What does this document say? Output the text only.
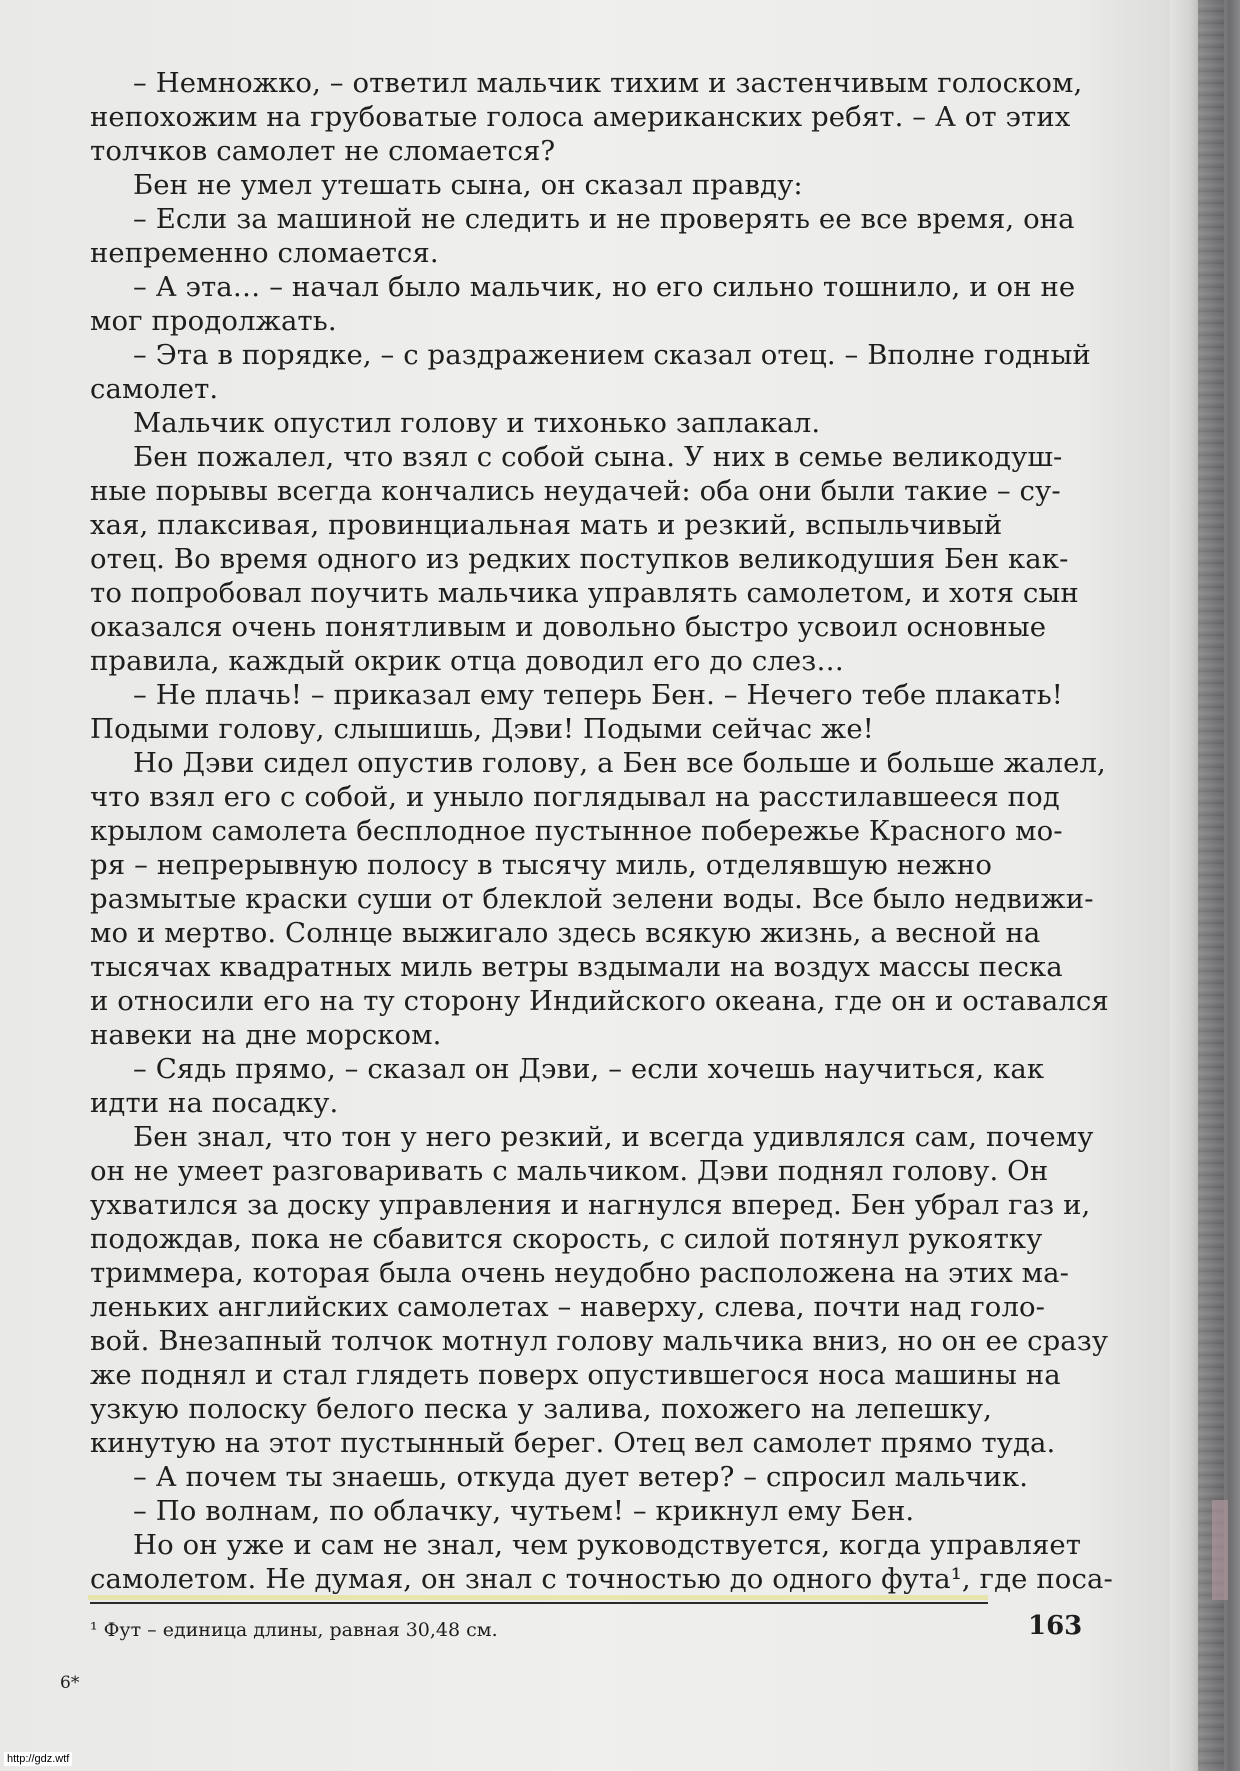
– Немножко, – ответил мальчик тихим и застенчивым голоском,
непохожим на грубоватые голоса американских ребят. – А от этих
толчков самолет не сломается?
Бен не умел утешать сына, он сказал правду:
– Если за машиной не следить и не проверять ее все время, она
непременно сломается.
– А эта… – начал было мальчик, но его сильно тошнило, и он не
мог продолжать.
– Эта в порядке, – с раздражением сказал отец. – Вполне годный
самолет.
Мальчик опустил голову и тихонько заплакал.
Бен пожалел, что взял с собой сына. У них в семье великодуш-
ные порывы всегда кончались неудачей: оба они были такие – су-
хая, плаксивая, провинциальная мать и резкий, вспыльчивый
отец. Во время одного из редких поступков великодушия Бен как-
то попробовал поучить мальчика управлять самолетом, и хотя сын
оказался очень понятливым и довольно быстро усвоил основные
правила, каждый окрик отца доводил его до слез…
– Не плачь! – приказал ему теперь Бен. – Нечего тебе плакать!
Подыми голову, слышишь, Дэви! Подыми сейчас же!
Но Дэви сидел опустив голову, а Бен все больше и больше жалел,
что взял его с собой, и уныло поглядывал на расстилавшееся под
крылом самолета бесплодное пустынное побережье Красного мо-
ря – непрерывную полосу в тысячу миль, отделявшую нежно
размытые краски суши от блеклой зелени воды. Все было недвижи-
мо и мертво. Солнце выжигало здесь всякую жизнь, а весной на
тысячах квадратных миль ветры вздымали на воздух массы песка
и относили его на ту сторону Индийского океана, где он и оставался
навеки на дне морском.
– Сядь прямо, – сказал он Дэви, – если хочешь научиться, как
идти на посадку.
Бен знал, что тон у него резкий, и всегда удивлялся сам, почему
он не умеет разговаривать с мальчиком. Дэви поднял голову. Он
ухватился за доску управления и нагнулся вперед. Бен убрал газ и,
подождав, пока не сбавится скорость, с силой потянул рукоятку
триммера, которая была очень неудобно расположена на этих ма-
леньких английских самолетах – наверху, слева, почти над голо-
вой. Внезапный толчок мотнул голову мальчика вниз, но он ее сразу
же поднял и стал глядеть поверх опустившегося носа машины на
узкую полоску белого песка у залива, похожего на лепешку,
кинутую на этот пустынный берег. Отец вел самолет прямо туда.
– А почем ты знаешь, откуда дует ветер? – спросил мальчик.
– По волнам, по облачку, чутьем! – крикнул ему Бен.
Но он уже и сам не знал, чем руководствуется, когда управляет
самолетом. Не думая, он знал с точностью до одного фута¹, где поса-
¹ Фут – единица длины, равная 30,48 см.	163
6*
http://gdz.wtf
